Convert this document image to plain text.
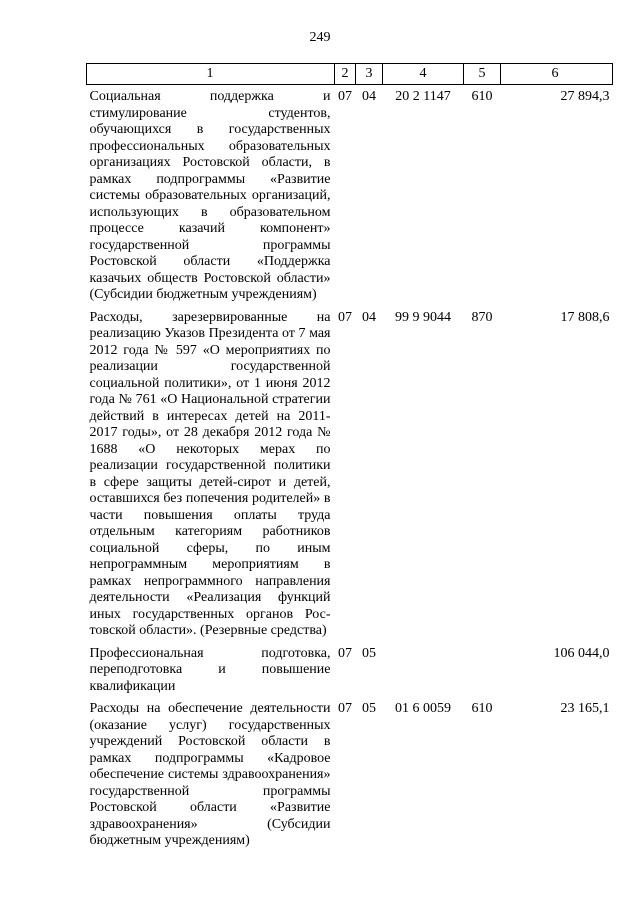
249
1	2	3	4	5	6
Социальная поддержка и стимулирование студентов, обучающихся в государственных профессиональных образовательных организациях Ростовской области, в рамках подпрограммы «Развитие системы образовательных организаций, использующих в образовательном процессе казачий компонент» государственной программы Ростовской области «Поддержка казачьих обществ Ростовской области» (Субсидии бюджетным учреждениям)	07	04	20 2 1147	610	27 894,3
Расходы, зарезервированные на реализацию Указов Президента от 7 мая 2012 года № 597 «О мероприятиях по реализации государственной социальной политики», от 1 июня 2012 года № 761 «О Национальной стратегии действий в интересах детей на 2011-2017 годы», от 28 декабря 2012 года № 1688 «О некоторых мерах по реализации государственной политики в сфере защиты детей-сирот и детей, оставшихся без попечения родителей» в части повышения оплаты труда отдельным категориям работников социальной сферы, по иным непрограммным мероприятиям в рамках непрограммного направления деятельности «Реализация функций иных государственных органов Рос-товской области». (Резервные средства)	07	04	99 9 9044	870	17 808,6
Профессиональная подготовка, переподготовка и повышение квалификации	07	05			106 044,0
Расходы на обеспечение деятельности (оказание услуг) государственных учреждений Ростовской области в рамках подпрограммы «Кадровое обеспечение системы здравоохранения» государственной программы Ростовской области «Развитие здравоохранения» (Субсидии бюджетным учреждениям)	07	05	01 6 0059	610	23 165,1
